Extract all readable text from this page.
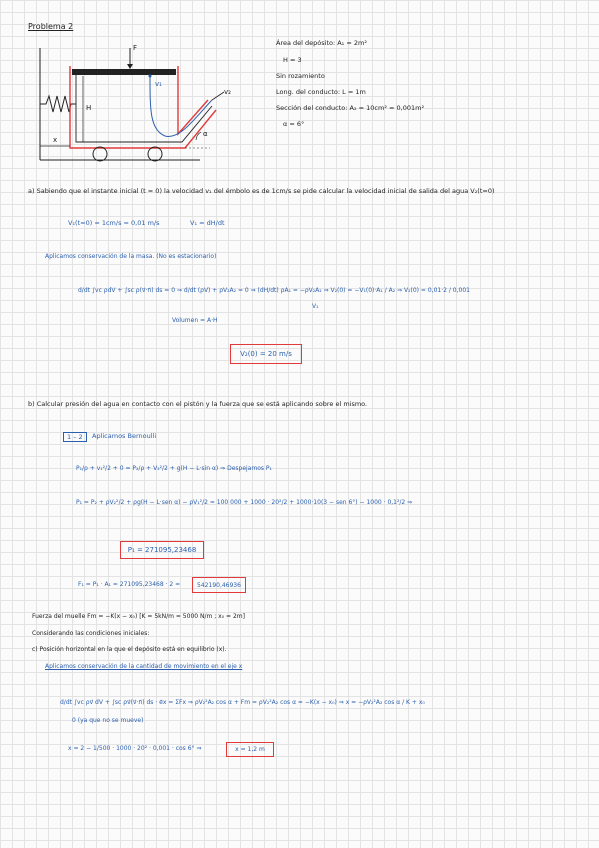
Problema 2
F
H
x
v₁
v₂
α
Área del depósito: A₁ = 2m²
H = 3
Sin rozamiento
Long. del conducto: L = 1m
Sección del conducto: A₂ = 10cm² = 0,001m²
α = 6°
a) Sabiendo que el instante inicial (t = 0) la velocidad v₁ del émbolo es de 1cm/s se pide calcular la velocidad inicial de salida del agua V₂(t=0)
V₁(t=0) = 1cm/s = 0,01 m/s	V₁ = dH/dt
Aplicamos conservación de la masa. (No es estacionario)
d/dt ∫vc ρdV + ∫sc ρ(v⃗·n⃗) ds = 0 ⇒ d/dt (ρV) + ρV₂A₂ = 0 ⇒ (dH/dt) ρA₁ = −ρV₂A₂ ⇒ V₂(0) = −V₁(0)·A₁ / A₂ ⇒ V₂(0) = 0,01·2 / 0,001
V₁
Volumen = A·H
V₂(0) = 20 m/s
b) Calcular presión del agua en contacto con el pistón y la fuerza que se está aplicando sobre el mismo.
1 – 2	Aplicamos Bernoulli
P₁/ρ + v₁²/2 + 0 = P₂/ρ + V₂²/2 + g(H − L·sin α) ⇒ Despejamos P₁
P₁ = P₂ + ρV₂²/2 + ρg(H − L·sen α) − ρV₁²/2 = 100 000 + 1000 · 20²/2 + 1000·10(3 − sen 6°) − 1000 · 0,1²/2 ⇒
P₁ = 271095,23468
F₁ = P₁ · A₁ = 271095,23468 · 2 =	542190,46936
Fuerza del muelle Fm = −K(x − x₀) [K = 5kN/m = 5000 N/m ; x₀ = 2m]
Considerando las condiciones iniciales:
c) Posición horizontal en la que el depósito está en equilibrio (x).
Aplicamos conservación de la cantidad de movimiento en el eje x
d/dt ∫vc ρv⃗ dV + ∫sc ρv⃗(v⃗·n⃗) ds · e⃗x = ΣFx ⇒ ρV₂²A₂ cos α + Fm = ρV₂²A₂ cos α = −K(x − x₀) ⇒ x = −ρV₂²A₂ cos α / K + x₀
0 (ya que no se mueve)
x = 2 − 1/500 · 1000 · 20² · 0,001 · cos 6° ⇒	x = 1,2 m
